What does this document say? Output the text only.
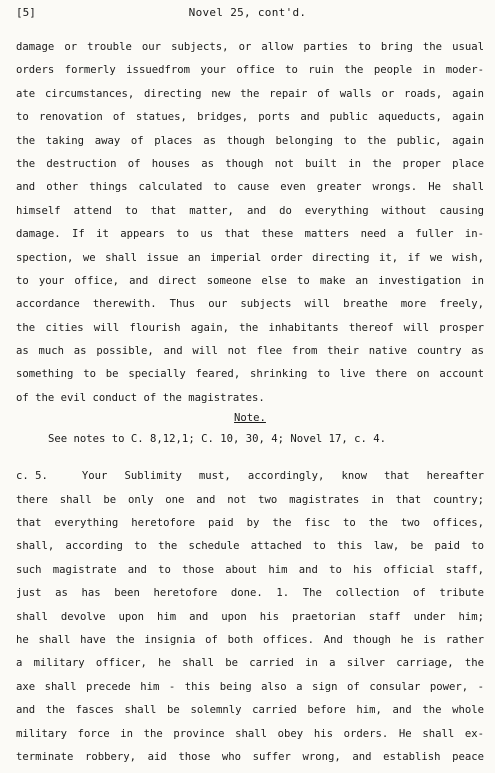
[5]	Novel 25, cont'd.
damage or trouble our subjects, or allow parties to bring the usual
orders formerly issuedfrom your office to ruin the people in moder-
ate circumstances, directing new the repair of walls or roads, again
to renovation of statues, bridges, ports and public aqueducts, again
the taking away of places as though belonging to the public, again
the destruction of houses as though not built in the proper place
and other things calculated to cause even greater wrongs. He shall
himself attend to that matter, and do everything without causing
damage. If it appears to us that these matters need a fuller in-
spection, we shall issue an imperial order directing it, if we wish,
to your office, and direct someone else to make an investigation in
accordance therewith. Thus our subjects will breathe more freely,
the cities will flourish again, the inhabitants thereof will prosper
as much as possible, and will not flee from their native country as
something to be specially feared, shrinking to live there on account
of the evil conduct of the magistrates.
Note.
See notes to C. 8,12,1; C. 10, 30, 4; Novel 17, c. 4.
c. 5.	Your Sublimity must, accordingly, know that hereafter
there shall be only one and not two magistrates in that country;
that everything heretofore paid by the fisc to the two offices,
shall, according to the schedule attached to this law, be paid to
such magistrate and to those about him and to his official staff,
just as has been heretofore done. 1. The collection of tribute
shall devolve upon him and upon his praetorian staff under him;
he shall have the insignia of both offices. And though he is rather
a military officer, he shall be carried in a silver carriage, the
axe shall precede him - this being also a sign of consular power, -
and the fasces shall be solemnly carried before him, and the whole
military force in the province shall obey his orders. He shall ex-
terminate robbery, aid those who suffer wrong, and establish peace
